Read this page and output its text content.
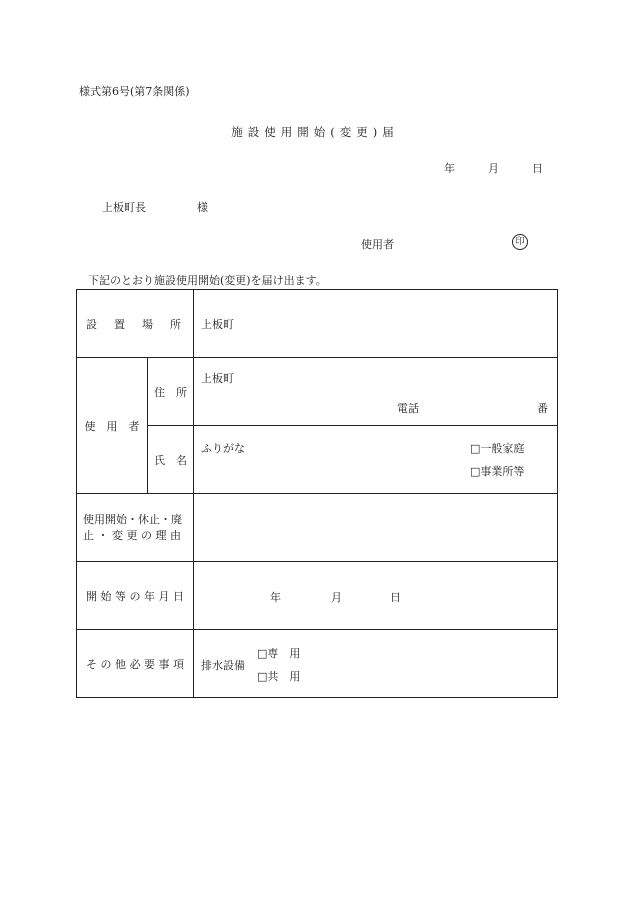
様式第6号(第7条関係)
施設使用開始(変更)届
年	月	日
上板町長	様
使用者	印
下記のとおり施設使用開始(変更)を届け出ます。
設　置　場　所		上板町
使　用　者	住　所	上板町
電話 番

	氏　名	ふりがな □一般家庭
□事業所等

使用開始・休止・廃
止 ・ 変 更 の 理 由		

開 始 等 の 年 月 日		年 月 日

そ の 他 必 要 事 項		排水設備
□専　用
□共　用
